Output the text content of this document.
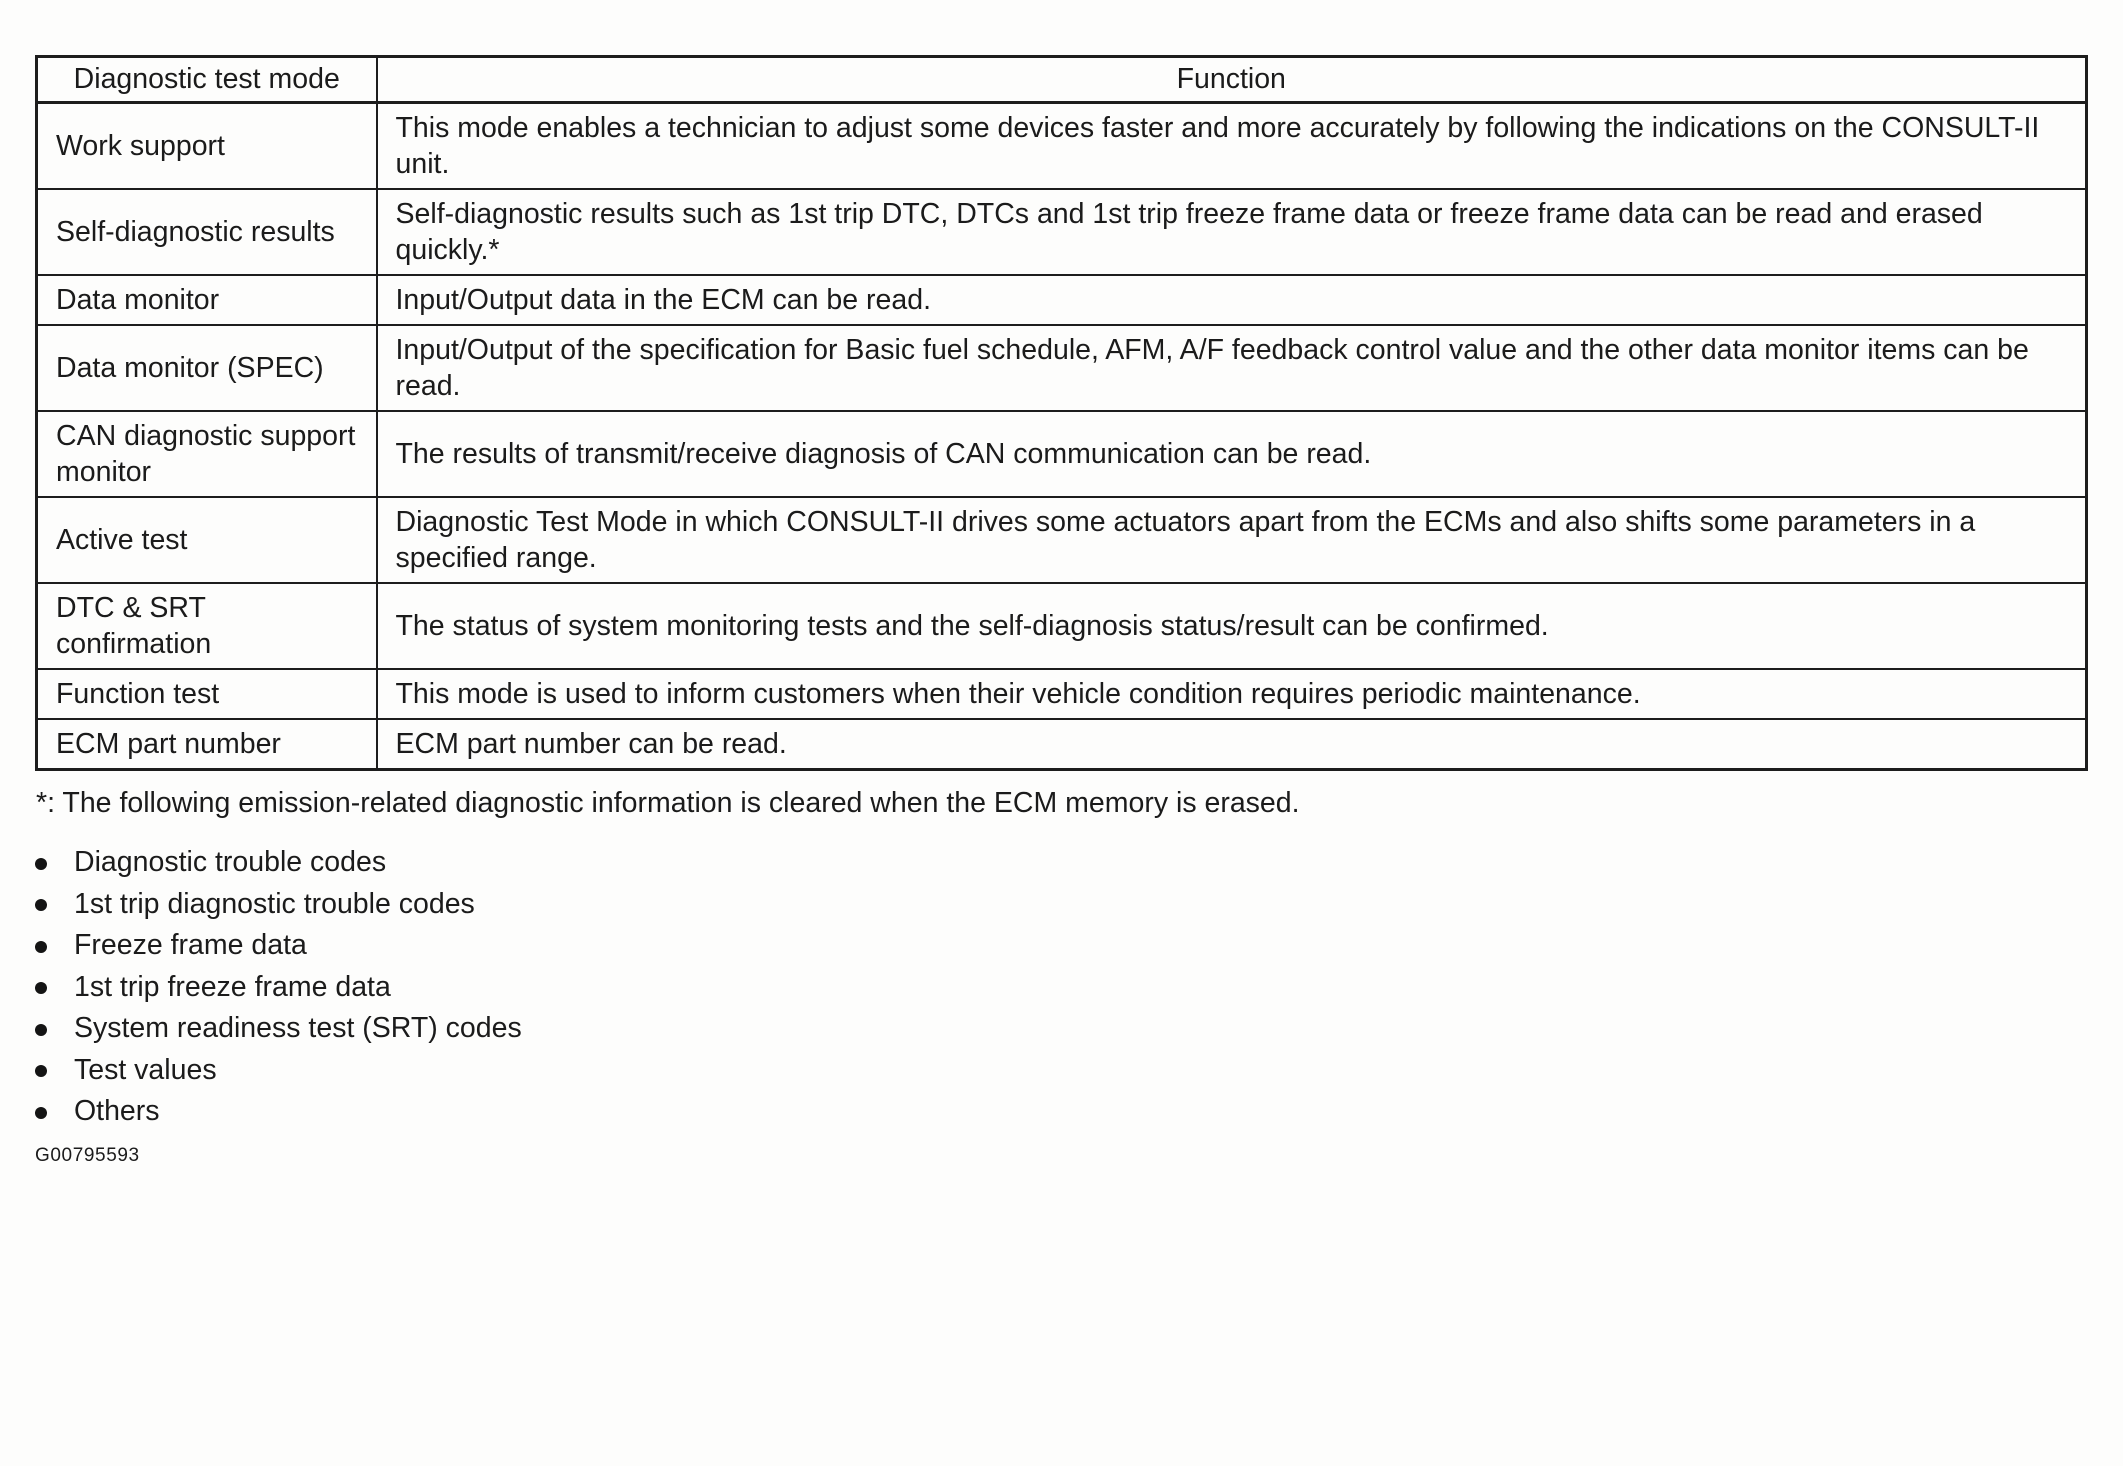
Diagnostic test mode	Function
Work support	This mode enables a technician to adjust some devices faster and more accurately by following the indications on the CONSULT-II unit.
Self-diagnostic results	Self-diagnostic results such as 1st trip DTC, DTCs and 1st trip freeze frame data or freeze frame data can be read and erased quickly.*
Data monitor	Input/Output data in the ECM can be read.
Data monitor (SPEC)	Input/Output of the specification for Basic fuel schedule, AFM, A/F feedback control value and the other data monitor items can be read.
CAN diagnostic support monitor	The results of transmit/receive diagnosis of CAN communication can be read.
Active test	Diagnostic Test Mode in which CONSULT-II drives some actuators apart from the ECMs and also shifts some parameters in a specified range.
DTC & SRT confirmation	The status of system monitoring tests and the self-diagnosis status/result can be confirmed.
Function test	This mode is used to inform customers when their vehicle condition requires periodic maintenance.
ECM part number	ECM part number can be read.
*: The following emission-related diagnostic information is cleared when the ECM memory is erased.
Diagnostic trouble codes
1st trip diagnostic trouble codes
Freeze frame data
1st trip freeze frame data
System readiness test (SRT) codes
Test values
Others
G00795593
